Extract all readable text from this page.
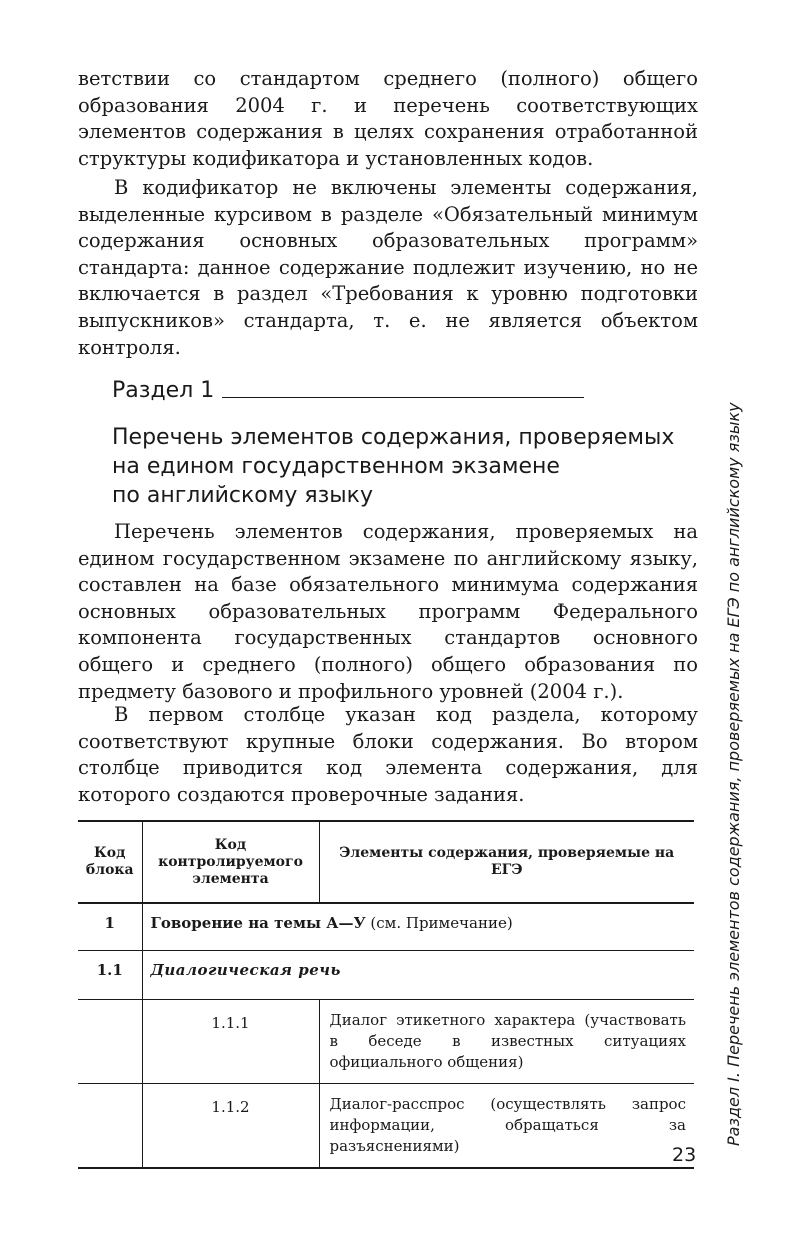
ветствии со стандартом среднего (полного) общего образования 2004 г. и перечень соответствующих элементов содержания в целях сохранения отработанной структуры кодификатора и установленных кодов.

В кодификатор не включены элементы содержания, выделенные курсивом в разделе «Обязательный минимум содержания основных образовательных программ» стандарта: данное содержание подлежит изучению, но не включается в раздел «Требования к уровню подготовки выпускников» стандарта, т. е. не является объектом контроля.

Раздел 1
Перечень элементов содержания, проверяемых
на едином государственном экзамене
по английскому языку

Перечень элементов содержания, проверяемых на едином государственном экзамене по английскому языку, составлен на базе обязательного минимума содержания основных образовательных программ Федерального компонента государственных стандартов основного общего и среднего (полного) общего образования по предмету базового и профильного уровней (2004 г.).

В первом столбце указан код раздела, которому соответствуют крупные блоки содержания. Во втором столбце приводится код элемента содержания, для которого создаются проверочные задания.

Код блока	Код контролируемого элемента	Элементы содержания, проверяемые на ЕГЭ
1	Говорение на темы А—У (см. Примечание)	
1.1	Диалогическая речь	
	1.1.1	Диалог этикетного характера (участвовать в беседе в известных ситуациях официального общения)
	1.1.2	Диалог-расспрос (осуществлять запрос информации, обращаться за разъяснениями)	23
Раздел I. Перечень элементов содержания, проверяемых на ЕГЭ по английскому языку
